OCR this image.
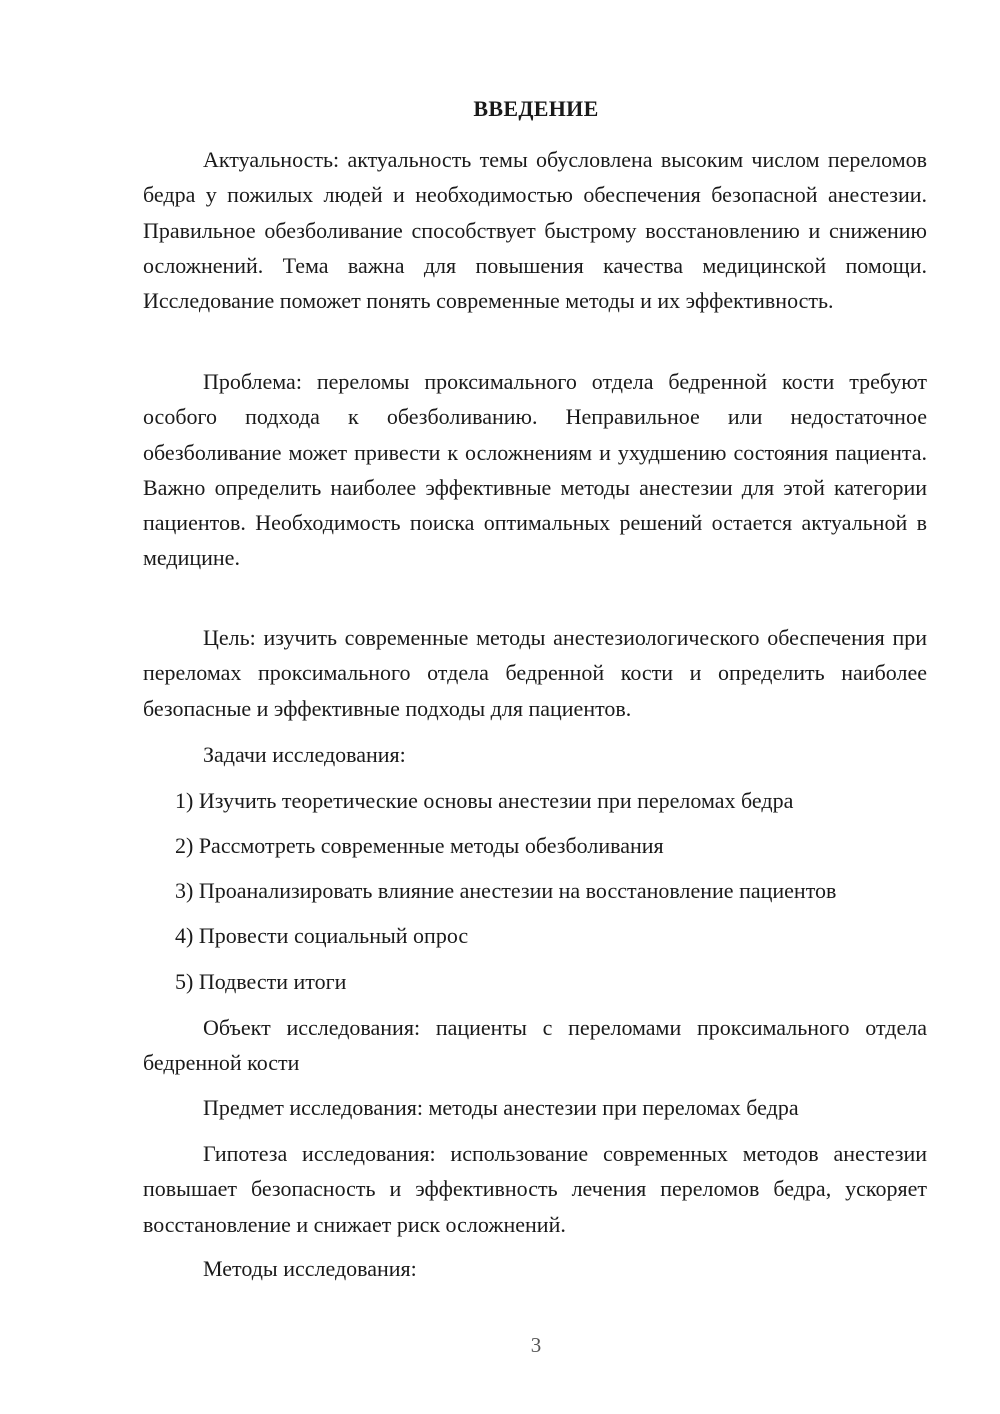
ВВЕДЕНИЕ

Актуальность: актуальность темы обусловлена высоким числом переломов бедра у пожилых людей и необходимостью обеспечения безопасной анестезии. Правильное обезболивание способствует быстрому восстановлению и снижению осложнений. Тема важна для повышения качества медицинской помощи. Исследование поможет понять современные методы и их эффективность.

Проблема: переломы проксимального отдела бедренной кости требуют особого подхода к обезболиванию. Неправильное или недостаточное обезболивание может привести к осложнениям и ухудшению состояния пациента. Важно определить наиболее эффективные методы анестезии для этой категории пациентов. Необходимость поиска оптимальных решений остается актуальной в медицине.

Цель: изучить современные методы анестезиологического обеспечения при переломах проксимального отдела бедренной кости и определить наиболее безопасные и эффективные подходы для пациентов.

Задачи исследования:

1) Изучить теоретические основы анестезии при переломах бедра

2) Рассмотреть современные методы обезболивания

3) Проанализировать влияние анестезии на восстановление пациентов

4) Провести социальный опрос

5) Подвести итоги

Объект исследования: пациенты с переломами проксимального отдела бедренной кости

Предмет исследования: методы анестезии при переломах бедра

Гипотеза исследования: использование современных методов анестезии повышает безопасность и эффективность лечения переломов бедра, ускоряет восстановление и снижает риск осложнений.

Методы исследования:

3
